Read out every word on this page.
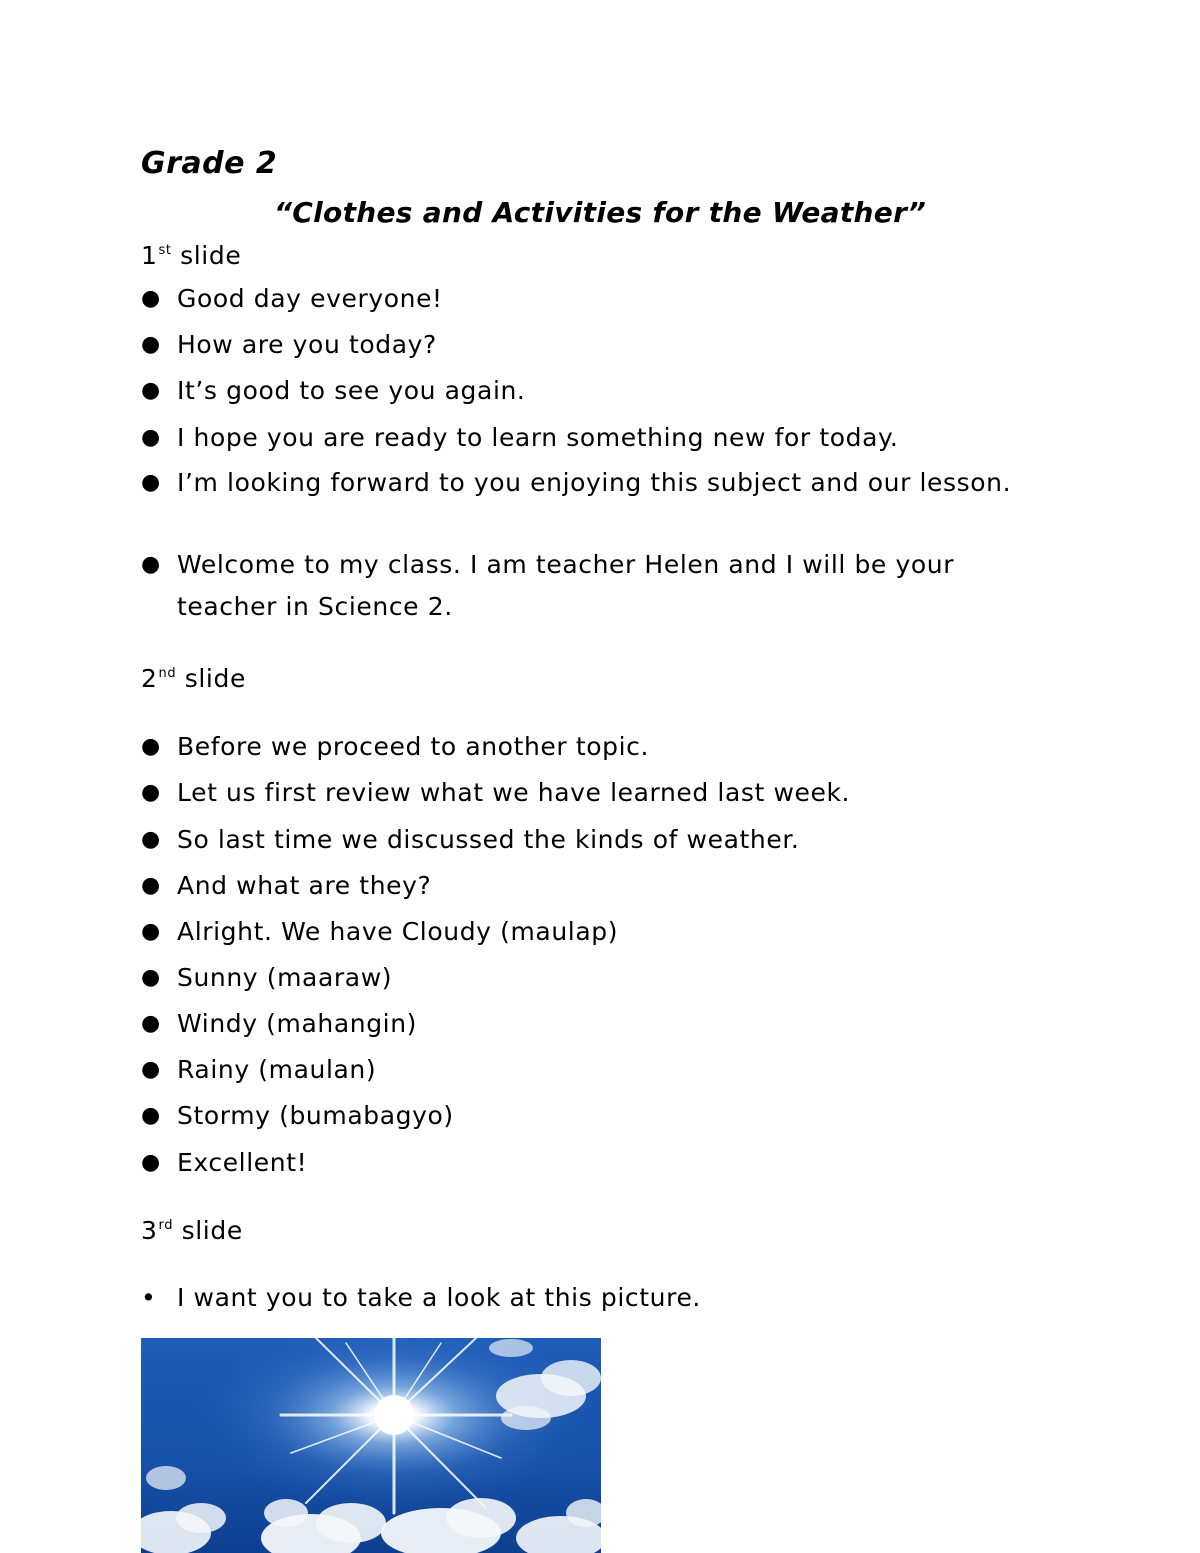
Grade 2
“Clothes and Activities for the Weather”
1st slide
● Good day everyone!
● How are you today?
● It’s good to see you again.
● I hope you are ready to learn something new for today.
● I’m looking forward to you enjoying this subject and our lesson.
● Welcome to my class. I am teacher Helen and I will be your teacher in Science 2.
2nd slide
● Before we proceed to another topic.
● Let us first review what we have learned last week.
● So last time we discussed the kinds of weather.
● And what are they?
● Alright. We have Cloudy (maulap)
● Sunny (maaraw)
● Windy (mahangin)
● Rainy (maulan)
● Stormy (bumabagyo)
● Excellent!
3rd slide
• I want you to take a look at this picture.
